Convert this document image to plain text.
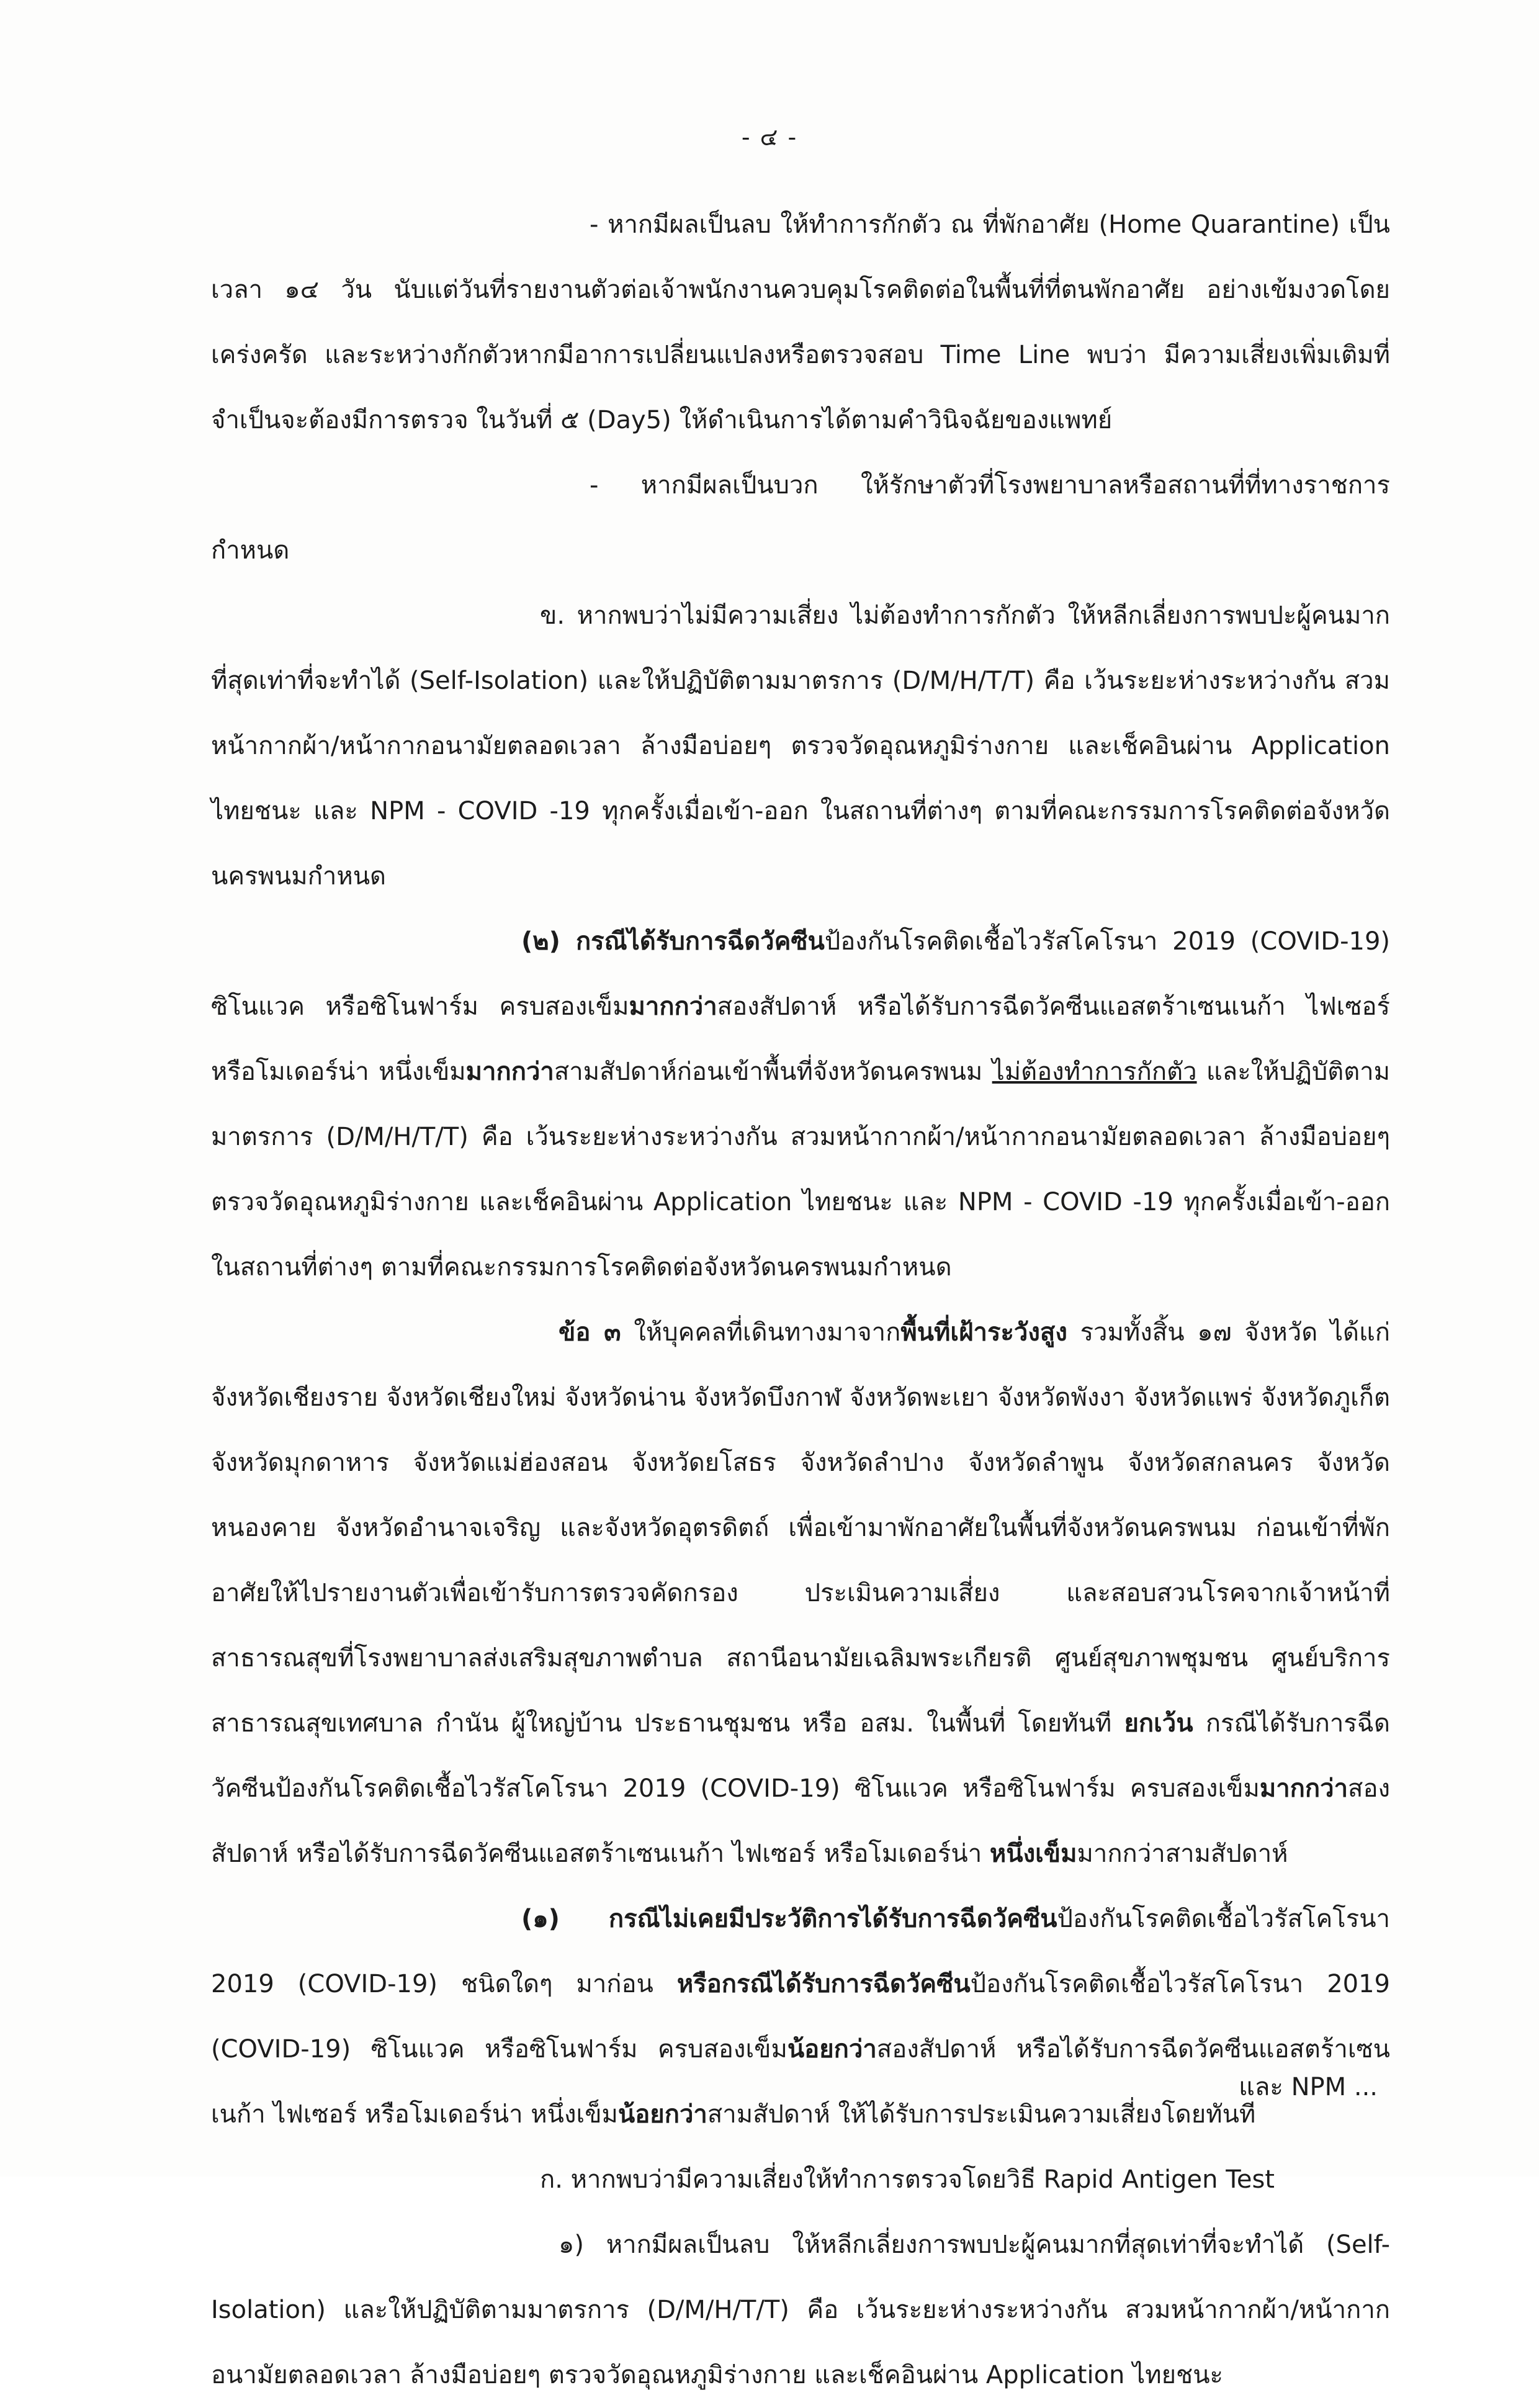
- ๔ -

- หากมีผลเป็นลบ ให้ทำการกักตัว ณ ที่พักอาศัย (Home Quarantine) เป็นเวลา ๑๔ วัน นับแต่วันที่รายงานตัวต่อเจ้าพนักงานควบคุมโรคติดต่อในพื้นที่ที่ตนพักอาศัย อย่างเข้มงวดโดยเคร่งครัด และระหว่างกักตัวหากมีอาการเปลี่ยนแปลงหรือตรวจสอบ Time Line พบว่า มีความเสี่ยงเพิ่มเติมที่จำเป็นจะต้องมีการตรวจ ในวันที่ ๕ (Day5) ให้ดำเนินการได้ตามคำวินิจฉัยของแพทย์

- หากมีผลเป็นบวก ให้รักษาตัวที่โรงพยาบาลหรือสถานที่ที่ทางราชการกำหนด

ข. หากพบว่าไม่มีความเสี่ยง ไม่ต้องทำการกักตัว ให้หลีกเลี่ยงการพบปะผู้คนมากที่สุดเท่าที่จะทำได้ (Self-Isolation) และให้ปฏิบัติตามมาตรการ (D/M/H/T/T) คือ เว้นระยะห่างระหว่างกัน สวมหน้ากากผ้า/หน้ากากอนามัยตลอดเวลา ล้างมือบ่อยๆ ตรวจวัดอุณหภูมิร่างกาย และเช็คอินผ่าน Application ไทยชนะ และ NPM - COVID -19 ทุกครั้งเมื่อเข้า-ออก ในสถานที่ต่างๆ ตามที่คณะกรรมการโรคติดต่อจังหวัดนครพนมกำหนด

(๒) กรณีได้รับการฉีดวัคซีนป้องกันโรคติดเชื้อไวรัสโคโรนา 2019 (COVID-19) ซิโนแวค หรือซิโนฟาร์ม ครบสองเข็มมากกว่าสองสัปดาห์ หรือได้รับการฉีดวัคซีนแอสตร้าเซนเนก้า ไฟเซอร์ หรือโมเดอร์น่า หนึ่งเข็มมากกว่าสามสัปดาห์ก่อนเข้าพื้นที่จังหวัดนครพนม ไม่ต้องทำการกักตัว และให้ปฏิบัติตามมาตรการ (D/M/H/T/T) คือ เว้นระยะห่างระหว่างกัน สวมหน้ากากผ้า/หน้ากากอนามัยตลอดเวลา ล้างมือบ่อยๆ ตรวจวัดอุณหภูมิร่างกาย และเช็คอินผ่าน Application ไทยชนะ และ NPM - COVID -19 ทุกครั้งเมื่อเข้า-ออกในสถานที่ต่างๆ ตามที่คณะกรรมการโรคติดต่อจังหวัดนครพนมกำหนด

ข้อ ๓ ให้บุคคลที่เดินทางมาจากพื้นที่เฝ้าระวังสูง รวมทั้งสิ้น ๑๗ จังหวัด ได้แก่ จังหวัดเชียงราย จังหวัดเชียงใหม่ จังหวัดน่าน จังหวัดบึงกาฬ จังหวัดพะเยา จังหวัดพังงา จังหวัดแพร่ จังหวัดภูเก็ต จังหวัดมุกดาหาร จังหวัดแม่ฮ่องสอน จังหวัดยโสธร จังหวัดลำปาง จังหวัดลำพูน จังหวัดสกลนคร จังหวัดหนองคาย จังหวัดอำนาจเจริญ และจังหวัดอุตรดิตถ์ เพื่อเข้ามาพักอาศัยในพื้นที่จังหวัดนครพนม ก่อนเข้าที่พักอาศัยให้ไปรายงานตัวเพื่อเข้ารับการตรวจคัดกรอง ประเมินความเสี่ยง และสอบสวนโรคจากเจ้าหน้าที่สาธารณสุขที่โรงพยาบาลส่งเสริมสุขภาพตำบล สถานีอนามัยเฉลิมพระเกียรติ ศูนย์สุขภาพชุมชน ศูนย์บริการสาธารณสุขเทศบาล กำนัน ผู้ใหญ่บ้าน ประธานชุมชน หรือ อสม. ในพื้นที่ โดยทันที ยกเว้น กรณีได้รับการฉีดวัคซีนป้องกันโรคติดเชื้อไวรัสโคโรนา 2019 (COVID-19) ซิโนแวค หรือซิโนฟาร์ม ครบสองเข็มมากกว่าสองสัปดาห์ หรือได้รับการฉีดวัคซีนแอสตร้าเซนเนก้า ไฟเซอร์ หรือโมเดอร์น่า หนึ่งเข็มมากกว่าสามสัปดาห์

(๑) กรณีไม่เคยมีประวัติการได้รับการฉีดวัคซีนป้องกันโรคติดเชื้อไวรัสโคโรนา 2019 (COVID-19) ชนิดใดๆ มาก่อน หรือกรณีได้รับการฉีดวัคซีนป้องกันโรคติดเชื้อไวรัสโคโรนา 2019 (COVID-19) ซิโนแวค หรือซิโนฟาร์ม ครบสองเข็มน้อยกว่าสองสัปดาห์ หรือได้รับการฉีดวัคซีนแอสตร้าเซนเนก้า ไฟเซอร์ หรือโมเดอร์น่า หนึ่งเข็มน้อยกว่าสามสัปดาห์ ให้ได้รับการประเมินความเสี่ยงโดยทันที

ก. หากพบว่ามีความเสี่ยงให้ทำการตรวจโดยวิธี Rapid Antigen Test

๑) หากมีผลเป็นลบ ให้หลีกเลี่ยงการพบปะผู้คนมากที่สุดเท่าที่จะทำได้ (Self-Isolation) และให้ปฏิบัติตามมาตรการ (D/M/H/T/T) คือ เว้นระยะห่างระหว่างกัน สวมหน้ากากผ้า/หน้ากากอนามัยตลอดเวลา ล้างมือบ่อยๆ ตรวจวัดอุณหภูมิร่างกาย และเช็คอินผ่าน Application ไทยชนะ

และ NPM ...
